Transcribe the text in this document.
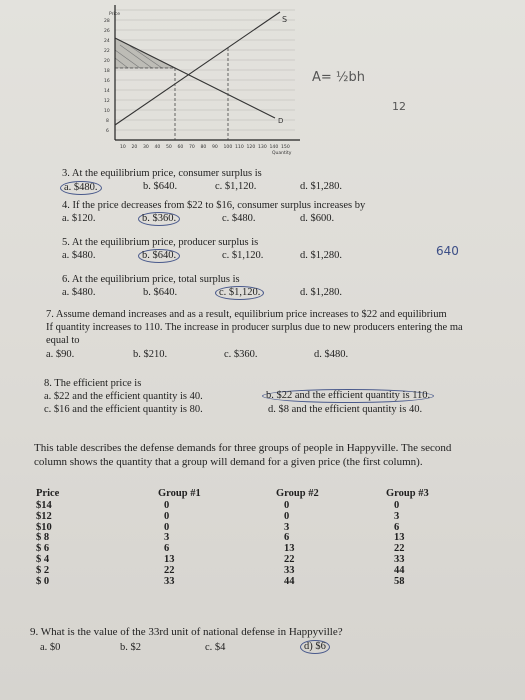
28
26
24
22
20
18
16
14
12
10
8
6
Price
S
D
10 20 30 40 50 60 70 80 90 100 110 120 130 140 150
Quantity
A= ½bh
12
640
3. At the equilibrium price, consumer surplus is
a. $480.	b. $640.	c. $1,120.	d. $1,280.
4. If the price decreases from $22 to $16, consumer surplus increases by
a. $120.	b. $360.	c. $480.	d. $600.
5. At the equilibrium price, producer surplus is
a. $480.	b. $640.	c. $1,120.	d. $1,280.
6. At the equilibrium price, total surplus is
a. $480.	b. $640.	c. $1,120.	d. $1,280.
7. Assume demand increases and as a result, equilibrium price increases to $22 and equilibrium
If quantity increases to 110. The increase in producer surplus due to new producers entering the ma
equal to
a. $90.	b. $210.	c. $360.	d. $480.
8. The efficient price is
a. $22 and the efficient quantity is 40.	b. $22 and the efficient quantity is 110.
c. $16 and the efficient quantity is 80.	d. $8 and the efficient quantity is 40.
This table describes the defense demands for three groups of people in Happyville. The second
column shows the quantity that a group will demand for a given price (the first column).
Price	Group #1	Group #2	Group #3
$14	0	0	0
$12	0	0	3
$10	0	3	6
$ 8	3	6	13
$ 6	6	13	22
$ 4	13	22	33
$ 2	22	33	44
$ 0	33	44	58
9. What is the value of the 33rd unit of national defense in Happyville?
a. $0	b. $2	c. $4	d) $6
